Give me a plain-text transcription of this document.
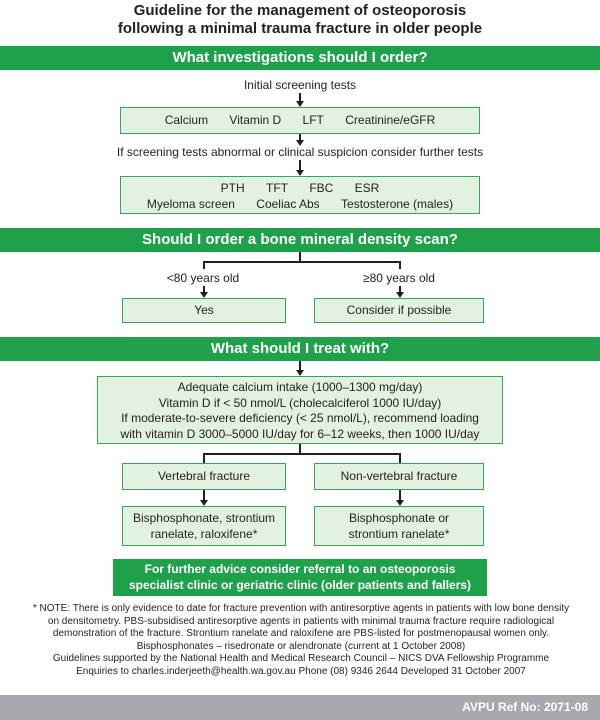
Guideline for the management of osteoporosis
following a minimal trauma fracture in older people
What investigations should I order?
Initial screening tests
Calcium Vitamin D LFT Creatinine/eGFR
If screening tests abnormal or clinical suspicion consider further tests
PTH TFT FBC ESR
Myeloma screen Coeliac Abs Testosterone (males)
Should I order a bone mineral density scan?
<80 years old	≥80 years old
Yes	Consider if possible
What should I treat with?
Adequate calcium intake (1000–1300 mg/day)
Vitamin D if < 50 nmol/L (cholecalciferol 1000 IU/day)
If moderate-to-severe deficiency (< 25 nmol/L), recommend loading
with vitamin D 3000–5000 IU/day for 6–12 weeks, then 1000 IU/day
Vertebral fracture	Non-vertebral fracture
Bisphosphonate, strontium
ranelate, raloxifene*
Bisphosphonate or
strontium ranelate*
For further advice consider referral to an osteoporosis
specialist clinic or geriatric clinic (older patients and fallers)
* NOTE: There is only evidence to date for fracture prevention with antiresorptive agents in patients with low bone density
on densitometry. PBS-subsidised antiresorptive agents in patients with minimal trauma fracture require radiological
demonstration of the fracture. Strontium ranelate and raloxifene are PBS-listed for postmenopausal women only.
Bisphosphonates – risedronate or alendronate (current at 1 October 2008)
Guidelines supported by the National Health and Medical Research Council – NICS DVA Fellowship Programme
Enquiries to charles.inderjeeth@health.wa.gov.au Phone (08) 9346 2644 Developed 31 October 2007
AVPU Ref No: 2071-08
